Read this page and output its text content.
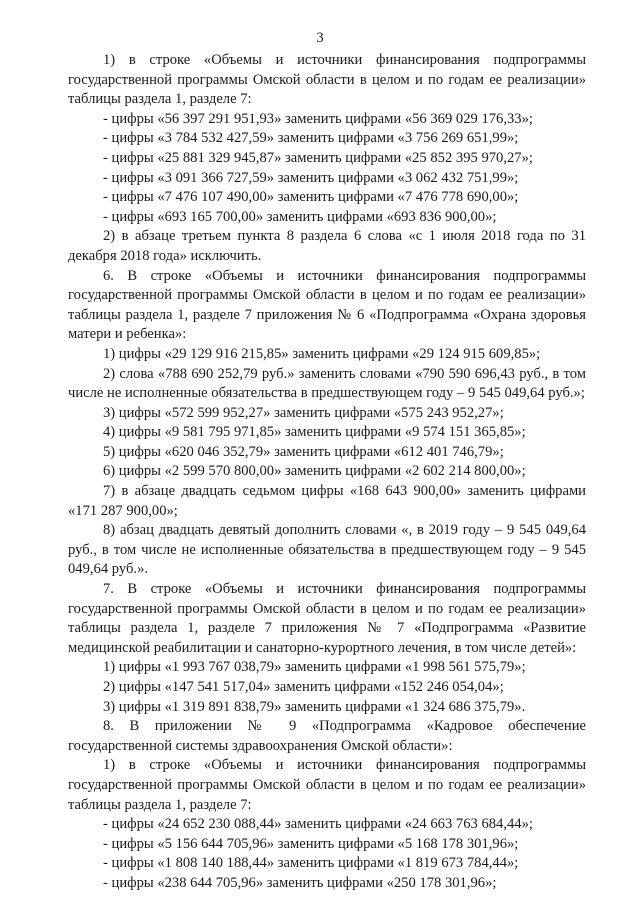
3

1) в строке «Объемы и источники финансирования подпрограммы государственной программы Омской области в целом и по годам ее реализации» таблицы раздела 1, разделе 7:

- цифры «56 397 291 951,93» заменить цифрами «56 369 029 176,33»;

- цифры «3 784 532 427,59» заменить цифрами «3 756 269 651,99»;

- цифры «25 881 329 945,87» заменить цифрами «25 852 395 970,27»;

- цифры «3 091 366 727,59» заменить цифрами «3 062 432 751,99»;

- цифры «7 476 107 490,00» заменить цифрами «7 476 778 690,00»;

- цифры «693 165 700,00» заменить цифрами «693 836 900,00»;

2) в абзаце третьем пункта 8 раздела 6 слова «с 1 июля 2018 года по 31 декабря 2018 года» исключить.

6. В строке «Объемы и источники финансирования подпрограммы государственной программы Омской области в целом и по годам ее реализации» таблицы раздела 1, разделе 7 приложения № 6 «Подпрограмма «Охрана здоровья матери и ребенка»:

1) цифры «29 129 916 215,85» заменить цифрами «29 124 915 609,85»;

2) слова «788 690 252,79 руб.» заменить словами «790 590 696,43 руб., в том числе не исполненные обязательства в предшествующем году – 9 545 049,64 руб.»;

3) цифры «572 599 952,27» заменить цифрами «575 243 952,27»;

4) цифры «9 581 795 971,85» заменить цифрами «9 574 151 365,85»;

5) цифры «620 046 352,79» заменить цифрами «612 401 746,79»;

6) цифры «2 599 570 800,00» заменить цифрами «2 602 214 800,00»;

7) в абзаце двадцать седьмом цифры «168 643 900,00» заменить цифрами «171 287 900,00»;

8) абзац двадцать девятый дополнить словами «, в 2019 году – 9 545 049,64 руб., в том числе не исполненные обязательства в предшествующем году – 9 545 049,64 руб.».

7. В строке «Объемы и источники финансирования подпрограммы государственной программы Омской области в целом и по годам ее реализации» таблицы раздела 1, разделе 7 приложения № 7 «Подпрограмма «Развитие медицинской реабилитации и санаторно-курортного лечения, в том числе детей»:

1) цифры «1 993 767 038,79» заменить цифрами «1 998 561 575,79»;

2) цифры «147 541 517,04» заменить цифрами «152 246 054,04»;

3) цифры «1 319 891 838,79» заменить цифрами «1 324 686 375,79».

8. В приложении № 9 «Подпрограмма «Кадровое обеспечение государственной системы здравоохранения Омской области»:

1) в строке «Объемы и источники финансирования подпрограммы государственной программы Омской области в целом и по годам ее реализации» таблицы раздела 1, разделе 7:

- цифры «24 652 230 088,44» заменить цифрами «24 663 763 684,44»;

- цифры «5 156 644 705,96» заменить цифрами «5 168 178 301,96»;

- цифры «1 808 140 188,44» заменить цифрами «1 819 673 784,44»;

- цифры «238 644 705,96» заменить цифрами «250 178 301,96»;
